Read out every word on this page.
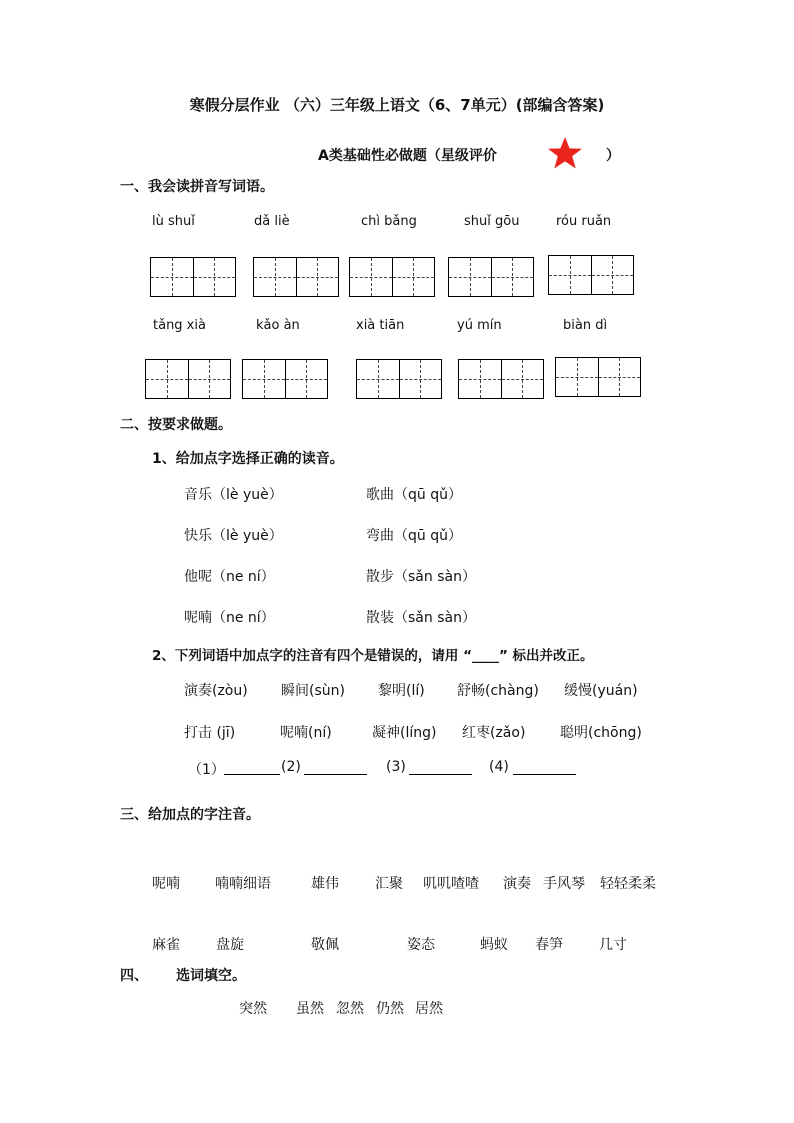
寒假分层作业 （六）三年级上语文（6、7单元）(部编含答案)
A类基础性必做题（星级评价	）
一、我会读拼音写词语。
lù shuǐ	dǎ liè	chì bǎng	shuǐ gōu	róu ruǎn
tǎng xià	kǎo àn	xià tiān	yú mín	biàn dì
二、按要求做题。
1、给加点字选择正确的读音。
音乐（lè yuè）	歌曲（qū qǔ）
快乐（lè yuè）	弯曲（qū qǔ）
他呢（ne ní）	散步（sǎn sàn）
呢喃（ne ní）	散装（sǎn sàn）
2、下列词语中加点字的注音有四个是错误的，请用 “____” 标出并改正。
演奏(zòu) 瞬间(sùn) 黎明(lí) 舒畅(chàng) 缓慢(yuán)
打击 (jī)	呢喃(ní)	凝神(líng) 红枣(zǎo) 聪明(chōng)
（1）	(2)	(3)	(4)
三、给加点的字注音。
呢喃	喃喃细语	雄伟	汇聚 叽叽喳喳 演奏 手风琴 轻轻柔柔
麻雀	盘旋	敬佩	姿态	蚂蚁 春笋	几寸
四、 选词填空。
突然 虽然 忽然 仍然 居然
